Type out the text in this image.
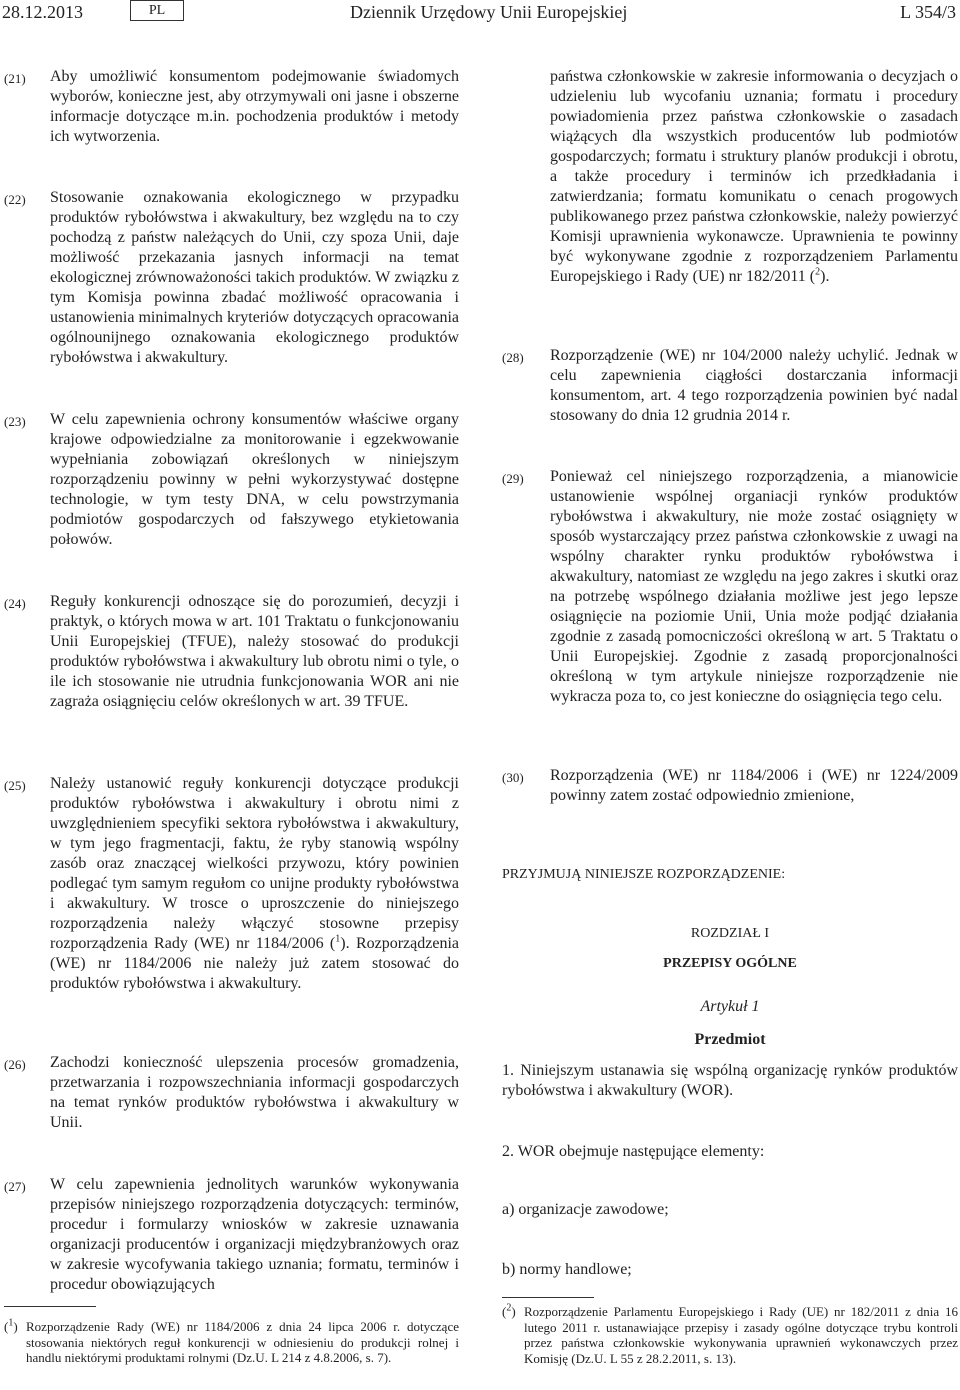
28.12.2013	PL	Dziennik Urzędowy Unii Europejskiej	L 354/3
(21) Aby umożliwić konsumentom podejmowanie świadomych wyborów, konieczne jest, aby otrzymywali oni jasne i obszerne informacje dotyczące m.in. pochodzenia produktów i metody ich wytworzenia.
(22) Stosowanie oznakowania ekologicznego w przypadku produktów rybołówstwa i akwakultury, bez względu na to czy pochodzą z państw należących do Unii, czy spoza Unii, daje możliwość przekazania jasnych informacji na temat ekologicznej zrównoważoności takich produktów. W związku z tym Komisja powinna zbadać możliwość opracowania i ustanowienia minimalnych kryteriów dotyczących opracowania ogólnounijnego oznakowania ekologicznego produktów rybołówstwa i akwakultury.
(23) W celu zapewnienia ochrony konsumentów właściwe organy krajowe odpowiedzialne za monitorowanie i egzekwowanie wypełniania zobowiązań określonych w niniejszym rozporządzeniu powinny w pełni wykorzystywać dostępne technologie, w tym testy DNA, w celu powstrzymania podmiotów gospodarczych od fałszywego etykietowania połowów.
(24) Reguły konkurencji odnoszące się do porozumień, decyzji i praktyk, o których mowa w art. 101 Traktatu o funkcjonowaniu Unii Europejskiej (TFUE), należy stosować do produkcji produktów rybołówstwa i akwakultury lub obrotu nimi o tyle, o ile ich stosowanie nie utrudnia funkcjonowania WOR ani nie zagraża osiągnięciu celów określonych w art. 39 TFUE.
(25) Należy ustanowić reguły konkurencji dotyczące produkcji produktów rybołówstwa i akwakultury i obrotu nimi z uwzględnieniem specyfiki sektora rybołówstwa i akwakultury, w tym jego fragmentacji, faktu, że ryby stanowią wspólny zasób oraz znaczącej wielkości przywozu, który powinien podlegać tym samym regułom co unijne produkty rybołówstwa i akwakultury. W trosce o uproszczenie do niniejszego rozporządzenia należy włączyć stosowne przepisy rozporządzenia Rady (WE) nr 1184/2006 ($^1$). Rozporządzenia (WE) nr 1184/2006 nie należy już zatem stosować do produktów rybołówstwa i akwakultury.
(26) Zachodzi konieczność ulepszenia procesów gromadzenia, przetwarzania i rozpowszechniania informacji gospodarczych na temat rynków produktów rybołówstwa i akwakultury w Unii.
(27) W celu zapewnienia jednolitych warunków wykonywania przepisów niniejszego rozporządzenia dotyczących: terminów, procedur i formularzy wniosków w zakresie uznawania organizacji producentów i organizacji międzybranżowych oraz w zakresie wycofywania takiego uznania; formatu, terminów i procedur obowiązujących
($^1$) Rozporządzenie Rady (WE) nr 1184/2006 z dnia 24 lipca 2006 r. dotyczące stosowania niektórych reguł konkurencji w odniesieniu do produkcji rolnej i handlu niektórymi produktami rolnymi (Dz.U. L 214 z 4.8.2006, s. 7).
państwa członkowskie w zakresie informowania o decyzjach o udzieleniu lub wycofaniu uznania; formatu i procedury powiadomienia przez państwa członkowskie o zasadach wiążących dla wszystkich producentów lub podmiotów gospodarczych; formatu i struktury planów produkcji i obrotu, a także procedury i terminów ich przedkładania i zatwierdzania; formatu komunikatu o cenach progowych publikowanego przez państwa członkowskie, należy powierzyć Komisji uprawnienia wykonawcze. Uprawnienia te powinny być wykonywane zgodnie z rozporządzeniem Parlamentu Europejskiego i Rady (UE) nr 182/2011 ($^2$).
(28) Rozporządzenie (WE) nr 104/2000 należy uchylić. Jednak w celu zapewnienia ciągłości dostarczania informacji konsumentom, art. 4 tego rozporządzenia powinien być nadal stosowany do dnia 12 grudnia 2014 r.
(29) Ponieważ cel niniejszego rozporządzenia, a mianowicie ustanowienie wspólnej organiacji rynków produktów rybołówstwa i akwakultury, nie może zostać osiągnięty w sposób wystarczający przez państwa członkowskie z uwagi na wspólny charakter rynku produktów rybołówstwa i akwakultury, natomiast ze względu na jego zakres i skutki oraz na potrzebę wspólnego działania możliwe jest jego lepsze osiągnięcie na poziomie Unii, Unia może podjąć działania zgodnie z zasadą pomocniczości określoną w art. 5 Traktatu o Unii Europejskiej. Zgodnie z zasadą proporcjonalności określoną w tym artykule niniejsze rozporządzenie nie wykracza poza to, co jest konieczne do osiągnięcia tego celu.
(30) Rozporządzenia (WE) nr 1184/2006 i (WE) nr 1224/2009 powinny zatem zostać odpowiednio zmienione,
PRZYJMUJĄ NINIEJSZE ROZPORZĄDZENIE:
ROZDZIAŁ I
PRZEPISY OGÓLNE
Artykuł 1
Przedmiot
1. Niniejszym ustanawia się wspólną organizację rynków produktów rybołówstwa i akwakultury (WOR).
2. WOR obejmuje następujące elementy:
a) organizacje zawodowe;
b) normy handlowe;
($^2$) Rozporządzenie Parlamentu Europejskiego i Rady (UE) nr 182/2011 z dnia 16 lutego 2011 r. ustanawiające przepisy i zasady ogólne dotyczące trybu kontroli przez państwa członkowskie wykonywania uprawnień wykonawczych przez Komisję (Dz.U. L 55 z 28.2.2011, s. 13).
